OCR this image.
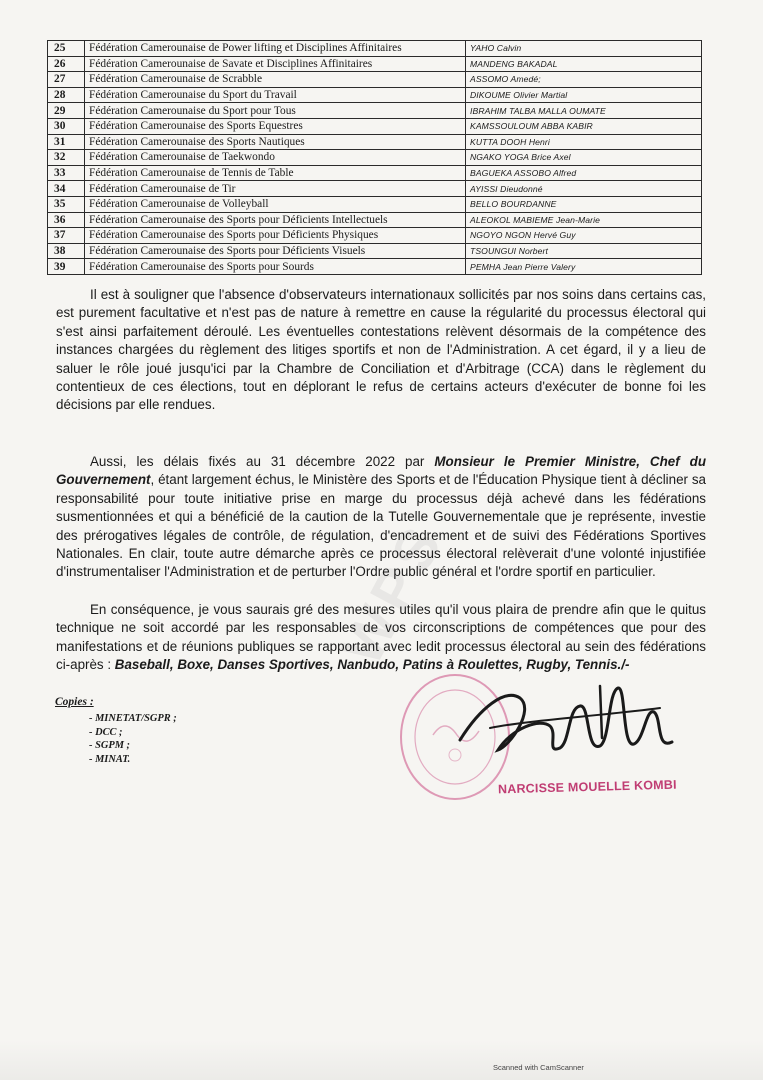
WPS
25	Fédération Camerounaise de Power lifting et Disciplines Affinitaires	YAHO Calvin
26	Fédération Camerounaise de Savate et Disciplines Affinitaires	MANDENG BAKADAL
27	Fédération Camerounaise de Scrabble	ASSOMO Amedé;
28	Fédération Camerounaise du Sport du Travail	DIKOUME Olivier Martial
29	Fédération Camerounaise du Sport pour Tous	IBRAHIM TALBA MALLA OUMATE
30	Fédération Camerounaise des Sports Equestres	KAMSSOULOUM ABBA KABIR
31	Fédération Camerounaise des Sports Nautiques	KUTTA DOOH Henri
32	Fédération Camerounaise de Taekwondo	NGAKO YOGA Brice Axel
33	Fédération Camerounaise de Tennis de Table	BAGUEKA ASSOBO Alfred
34	Fédération Camerounaise de Tir	AYISSI Dieudonné
35	Fédération Camerounaise de Volleyball	BELLO BOURDANNE
36	Fédération Camerounaise des Sports pour Déficients Intellectuels	ALEOKOL MABIEME Jean-Marie
37	Fédération Camerounaise des Sports pour Déficients Physiques	NGOYO NGON Hervé Guy
38	Fédération Camerounaise des Sports pour Déficients Visuels	TSOUNGUI Norbert
39	Fédération Camerounaise des Sports pour Sourds	PEMHA Jean Pierre Valery

Il est à souligner que l'absence d'observateurs internationaux sollicités par nos soins dans certains cas, est purement facultative et n'est pas de nature à remettre en cause la régularité du processus électoral qui s'est ainsi parfaitement déroulé. Les éventuelles contestations relèvent désormais de la compétence des instances chargées du règlement des litiges sportifs et non de l'Administration. A cet égard, il y a lieu de saluer le rôle joué jusqu'ici par la Chambre de Conciliation et d'Arbitrage (CCA) dans le règlement du contentieux de ces élections, tout en déplorant le refus de certains acteurs d'exécuter de bonne foi les décisions par elle rendues.

Aussi, les délais fixés au 31 décembre 2022 par Monsieur le Premier Ministre, Chef du Gouvernement, étant largement échus, le Ministère des Sports et de l'Éducation Physique tient à décliner sa responsabilité pour toute initiative prise en marge du processus déjà achevé dans les fédérations susmentionnées et qui a bénéficié de la caution de la Tutelle Gouvernementale que je représente, investie des prérogatives légales de contrôle, de régulation, d'encadrement et de suivi des Fédérations Sportives Nationales. En clair, toute autre démarche après ce processus électoral relèverait d'une volonté injustifiée d'instrumentaliser l'Administration et de perturber l'Ordre public général et l'ordre sportif en particulier.

En conséquence, je vous saurais gré des mesures utiles qu'il vous plaira de prendre afin que le quitus technique ne soit accordé par les responsables de vos circonscriptions de compétences que pour des manifestations et de réunions publiques se rapportant avec ledit processus électoral au sein des fédérations ci-après : Baseball, Boxe, Danses Sportives, Nanbudo, Patins à Roulettes, Rugby, Tennis./-

Copies :
- MINETAT/SGPR ;
- DCC ;
- SGPM ;
- MINAT.
NARCISSE MOUELLE KOMBI
Scanned with CamScanner
